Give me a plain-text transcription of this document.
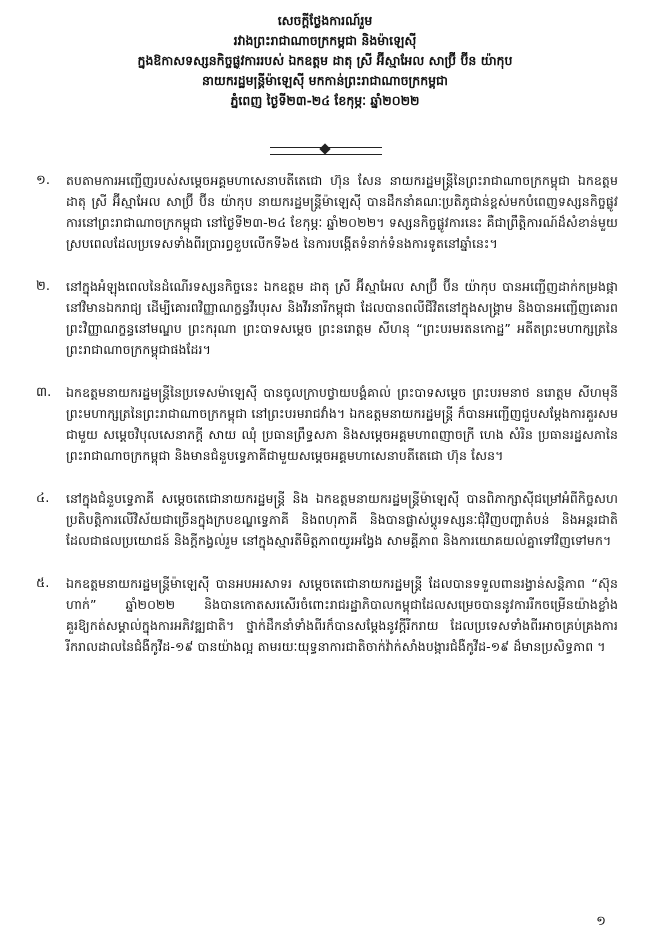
សេចក្តីថ្លែងការណ៍រួម
រវាងព្រះរាជាណាចក្រកម្ពុជា និងម៉ាឡេស៊ី
ក្នុងឱកាសទស្សនកិច្ចផ្លូវការរបស់ ឯកឧត្តម ដាតុ ស្រី អ៊ីស្មាអែល សាប្រ៊ី ប៊ីន យ៉ាកុប
នាយករដ្ឋមន្ត្រីម៉ាឡេស៊ី មកកាន់ព្រះរាជាណាចក្រកម្ពុជា
ភ្នំពេញ ថ្ងៃទី២៣-២៤ ខែកុម្ភៈ ឆ្នាំ២០២២
១.	តបតាមការអញ្ជើញរបស់សម្តេចអគ្គមហាសេនាបតីតេជោ ហ៊ុន សែន នាយករដ្ឋមន្ត្រីនៃព្រះរាជាណាចក្រកម្ពុជា ឯកឧត្តម ដាតុ ស្រី អ៊ីស្មាអែល សាប្រ៊ី ប៊ីន យ៉ាកុប នាយករដ្ឋមន្ត្រីម៉ាឡេស៊ី បានដឹកនាំគណៈប្រតិភូជាន់ខ្ពស់មកបំពេញទស្សនកិច្ចផ្លូវការនៅព្រះរាជាណាចក្រកម្ពុជា នៅថ្ងៃទី២៣-២៤ ខែកុម្ភៈ ឆ្នាំ២០២២។ ទស្សនកិច្ចផ្លូវការនេះ គឺជាព្រឹត្តិការណ៍ដ៏សំខាន់មួយស្របពេលដែលប្រទេសទាំងពីរប្រារព្ធខួបលើកទី៦៥ នៃការបង្កើតទំនាក់ទំនងការទូតនៅឆ្នាំនេះ។
២.	នៅក្នុងអំឡុងពេលនៃដំណើរទស្សនកិច្ចនេះ ឯកឧត្តម ដាតុ ស្រី អ៊ីស្មាអែល សាប្រ៊ី ប៊ីន យ៉ាកុប បានអញ្ជើញដាក់កម្រងផ្កានៅវិមានឯករាជ្យ ដើម្បីគោរពវិញ្ញាណក្ខន្ធវីរបុរស និងវីរនារីកម្ពុជា ដែលបានពលីជីវិតនៅក្នុងសង្គ្រាម និងបានអញ្ជើញគោរពព្រះវិញ្ញាណក្ខន្ធនៅមណ្ឌប ព្រះករុណា ព្រះបាទសម្តេច ព្រះនរោត្តម សីហនុ “ព្រះបរមរតនកោដ្ឋ” អតីតព្រះមហាក្សត្រនៃព្រះរាជាណាចក្រកម្ពុជាផងដែរ។
៣.	ឯកឧត្តមនាយករដ្ឋមន្ត្រីនៃប្រទេសម៉ាឡេស៊ី បានចូលក្រាបថ្វាយបង្គំគាល់ ព្រះបាទសម្តេច ព្រះបរមនាថ នរោត្តម សីហមុនី ព្រះមហាក្សត្រនៃព្រះរាជាណាចក្រកម្ពុជា នៅព្រះបរមរាជវាំង។ ឯកឧត្តមនាយករដ្ឋមន្ត្រី ក៏បានអញ្ជើញជួបសម្តែងការគួរសមជាមួយ សម្តេចវិបុលសេនាភក្តី សាយ ឈុំ ប្រធានព្រឹទ្ធសភា និងសម្តេចអគ្គមហាពញាចក្រី ហេង សំរិន ប្រធានរដ្ឋសភានៃព្រះរាជាណាចក្រកម្ពុជា និងមានជំនួបទ្វេភាគីជាមួយសម្តេចអគ្គមហាសេនាបតីតេជោ ហ៊ុន សែន។
៤.	នៅក្នុងជំនួបទ្វេភាគី សម្តេចតេជោនាយករដ្ឋមន្ត្រី និង ឯកឧត្តមនាយករដ្ឋមន្ត្រីម៉ាឡេស៊ី បានពិភាក្សាស៊ីជម្រៅអំពីកិច្ចសហប្រតិបត្តិការលើវិស័យជាច្រើនក្នុងក្របខណ្ឌទ្វេភាគី និងពហុភាគី និងបានផ្លាស់ប្តូរទស្សនៈជុំវិញបញ្ហាតំបន់ និងអន្តរជាតិ ដែលជាផលប្រយោជន៍ និងក្តីកង្វល់រួម នៅក្នុងស្មារតីមិត្តភាពយូរអង្វែង សាមគ្គីភាព និងការយោគយល់គ្នាទៅវិញទៅមក។
៥.	ឯកឧត្តមនាយករដ្ឋមន្ត្រីម៉ាឡេស៊ី បានអបអរសាទរ សម្តេចតេជោនាយករដ្ឋមន្ត្រី ដែលបានទទួលពានរង្វាន់សន្តិភាព “ស៊ុនហាក់” ឆ្នាំ២០២២ និងបានកោតសរសើរចំពោះរាជរដ្ឋាភិបាលកម្ពុជាដែលសម្រេចបាននូវការរីកចម្រើនយ៉ាងខ្លាំងគួរឱ្យកត់សម្គាល់ក្នុងការអភិវឌ្ឍជាតិ។ ថ្នាក់ដឹកនាំទាំងពីរក៏បានសម្តែងនូវក្តីរីករាយ ដែលប្រទេសទាំងពីរអាចគ្រប់គ្រងការរីករាលដាលនៃជំងឺកូវីដ-១៩ បានយ៉ាងល្អ តាមរយៈយុទ្ធនាការជាតិចាក់វ៉ាក់សាំងបង្ការជំងឺកូវីដ-១៩ ដ៏មានប្រសិទ្ធភាព ។
១
